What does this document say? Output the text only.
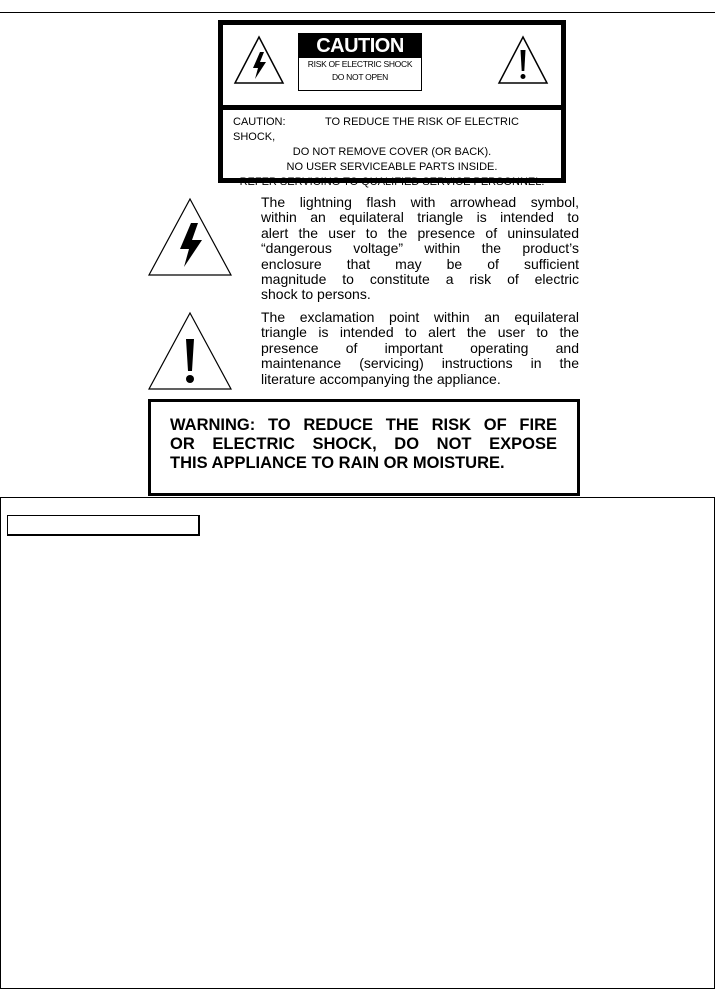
CAUTION
RISK OF ELECTRIC SHOCK
DO NOT OPEN
CAUTION:	TO REDUCE THE RISK OF ELECTRIC SHOCK,
DO NOT REMOVE COVER (OR BACK).
NO USER SERVICEABLE PARTS INSIDE.
REFER SERVICING TO QUALIFIED SERVICE PERSONNEL.
The lightning flash with arrowhead symbol,
within an equilateral triangle is intended to
alert the user to the presence of uninsulated
“dangerous voltage” within the product’s
enclosure that may be of sufficient
magnitude to constitute a risk of electric
shock to persons.
The exclamation point within an equilateral
triangle is intended to alert the user to the
presence of important operating and
maintenance (servicing) instructions in the
literature accompanying the appliance.
WARNING: TO REDUCE THE RISK OF FIRE
OR ELECTRIC SHOCK, DO NOT EXPOSE
THIS APPLIANCE TO RAIN OR MOISTURE.
